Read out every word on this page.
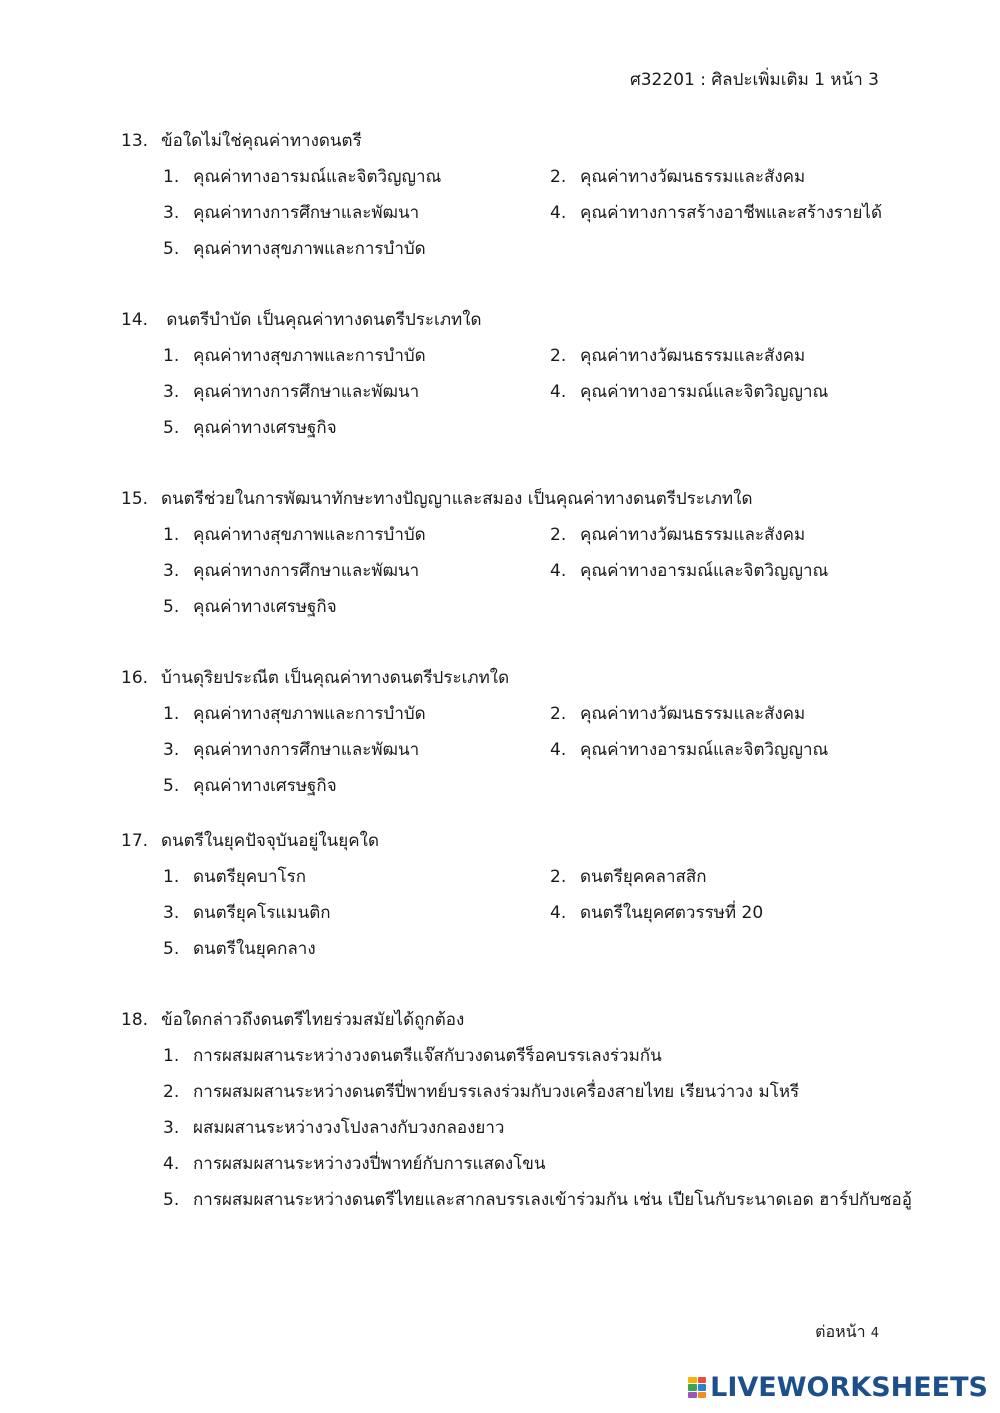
ศ32201 : ศิลปะเพิ่มเติม 1 หน้า 3
13. ข้อใดไม่ใช่คุณค่าทางดนตรี
1. คุณค่าทางอารมณ์และจิตวิญญาณ	2. คุณค่าทางวัฒนธรรมและสังคม
3. คุณค่าทางการศึกษาและพัฒนา	4. คุณค่าทางการสร้างอาชีพและสร้างรายได้
5. คุณค่าทางสุขภาพและการบำบัด
14. ดนตรีบำบัด เป็นคุณค่าทางดนตรีประเภทใด
1. คุณค่าทางสุขภาพและการบำบัด	2. คุณค่าทางวัฒนธรรมและสังคม
3. คุณค่าทางการศึกษาและพัฒนา	4. คุณค่าทางอารมณ์และจิตวิญญาณ
5. คุณค่าทางเศรษฐกิจ
15. ดนตรีช่วยในการพัฒนาทักษะทางปัญญาและสมอง เป็นคุณค่าทางดนตรีประเภทใด
1. คุณค่าทางสุขภาพและการบำบัด	2. คุณค่าทางวัฒนธรรมและสังคม
3. คุณค่าทางการศึกษาและพัฒนา	4. คุณค่าทางอารมณ์และจิตวิญญาณ
5. คุณค่าทางเศรษฐกิจ
16. บ้านดุริยประณีต เป็นคุณค่าทางดนตรีประเภทใด
1. คุณค่าทางสุขภาพและการบำบัด	2. คุณค่าทางวัฒนธรรมและสังคม
3. คุณค่าทางการศึกษาและพัฒนา	4. คุณค่าทางอารมณ์และจิตวิญญาณ
5. คุณค่าทางเศรษฐกิจ
17. ดนตรีในยุคปัจจุบันอยู่ในยุคใด
1. ดนตรียุคบาโรก	2. ดนตรียุคคลาสสิก
3. ดนตรียุคโรแมนติก	4. ดนตรีในยุคศตวรรษที่ 20
5. ดนตรีในยุคกลาง
18. ข้อใดกล่าวถึงดนตรีไทยร่วมสมัยได้ถูกต้อง
1. การผสมผสานระหว่างวงดนตรีแจ๊สกับวงดนตรีร็อคบรรเลงร่วมกัน
2. การผสมผสานระหว่างดนตรีปี่พาทย์บรรเลงร่วมกับวงเครื่องสายไทย เรียนว่าวง มโหรี
3. ผสมผสานระหว่างวงโปงลางกับวงกลองยาว
4. การผสมผสานระหว่างวงปี่พาทย์กับการแสดงโขน
5. การผสมผสานระหว่างดนตรีไทยและสากลบรรเลงเข้าร่วมกัน เช่น เปียโนกับระนาดเอด ฮาร์ปกับซออู้
ต่อหน้า 4
LIVEWORKSHEETS
